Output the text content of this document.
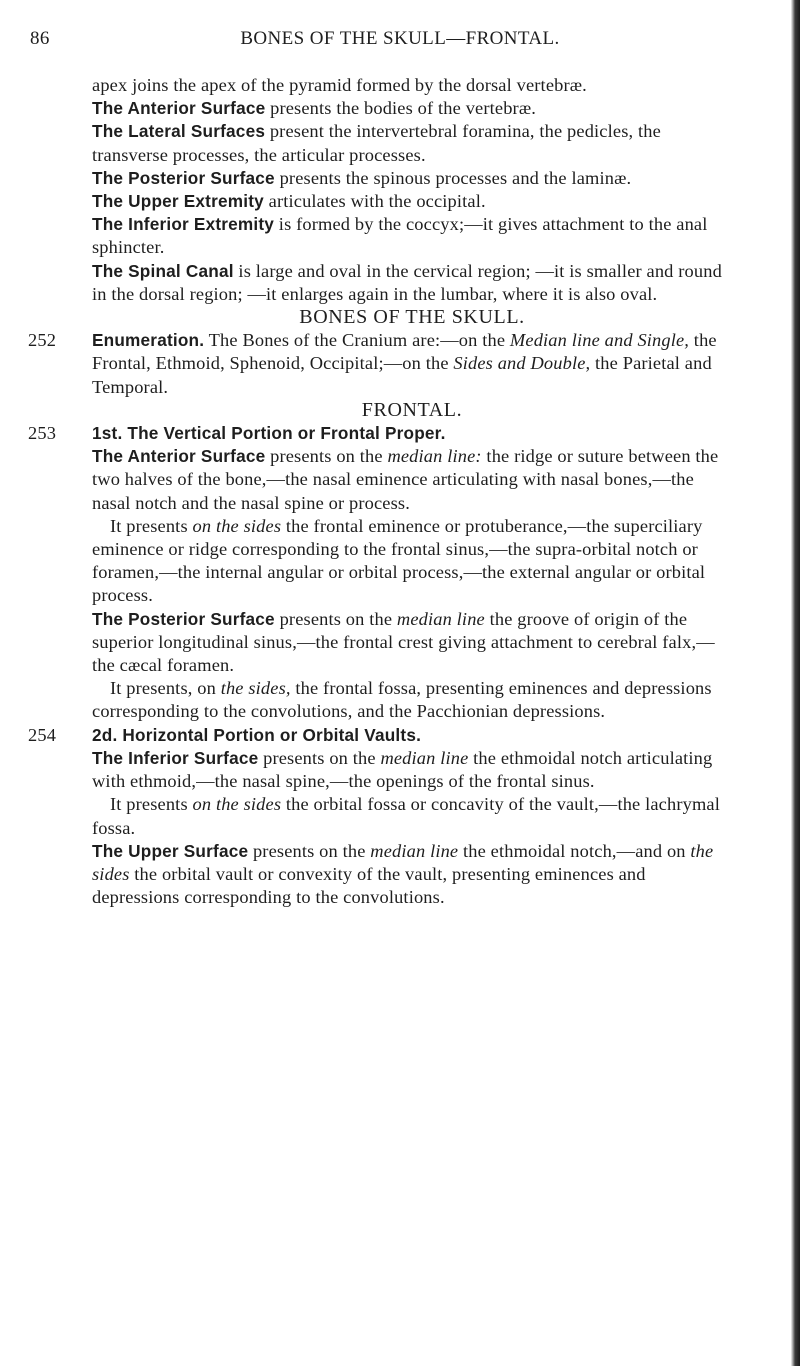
86	BONES OF THE SKULL—FRONTAL.

apex joins the apex of the pyramid formed by the dorsal vertebræ.

The Anterior Surface presents the bodies of the vertebræ.

The Lateral Surfaces present the intervertebral foramina, the pedicles, the transverse processes, the articular processes.

The Posterior Surface presents the spinous processes and the laminæ.

The Upper Extremity articulates with the occipital.

The Inferior Extremity is formed by the coccyx;—it gives attachment to the anal sphincter.

The Spinal Canal is large and oval in the cervical region; —it is smaller and round in the dorsal region; —it enlarges again in the lumbar, where it is also oval.

BONES OF THE SKULL.

252 Enumeration. The Bones of the Cranium are:—on the Median line and Single, the Frontal, Ethmoid, Sphenoid, Occipital;—on the Sides and Double, the Parietal and Temporal.

FRONTAL.

253 1st. The Vertical Portion or Frontal Proper.

The Anterior Surface presents on the median line: the ridge or suture between the two halves of the bone,—the nasal eminence articulating with nasal bones,—the nasal notch and the nasal spine or process.

It presents on the sides the frontal eminence or protuberance,—the superciliary eminence or ridge corresponding to the frontal sinus,—the supra-orbital notch or foramen,—the internal angular or orbital process,—the external angular or orbital process.

The Posterior Surface presents on the median line the groove of origin of the superior longitudinal sinus,—the frontal crest giving attachment to cerebral falx,—the cæcal foramen.

It presents, on the sides, the frontal fossa, presenting eminences and depressions corresponding to the convolutions, and the Pacchionian depressions.

254 2d. Horizontal Portion or Orbital Vaults.

The Inferior Surface presents on the median line the ethmoidal notch articulating with ethmoid,—the nasal spine,—the openings of the frontal sinus.

It presents on the sides the orbital fossa or concavity of the vault,—the lachrymal fossa.

The Upper Surface presents on the median line the ethmoidal notch,—and on the sides the orbital vault or convexity of the vault, presenting eminences and depressions corresponding to the convolutions.
